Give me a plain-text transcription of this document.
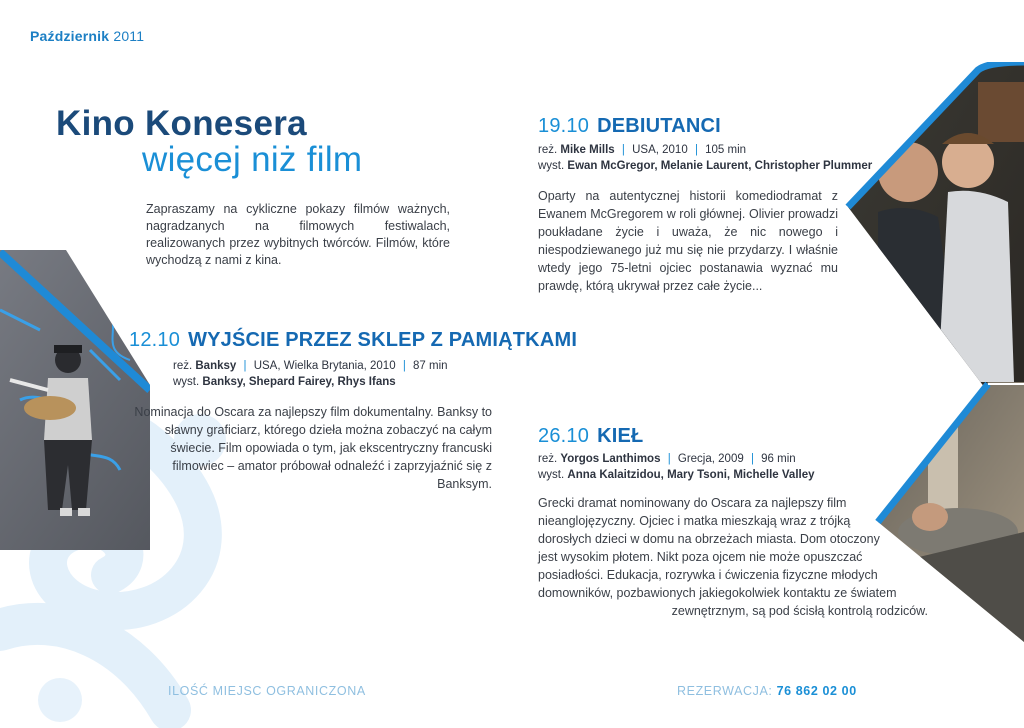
Październik 2011
Kino Konesera
więcej niż film
Zapraszamy na cykliczne pokazy filmów ważnych, nagradzanych na filmowych festiwalach, realizowanych przez wybitnych twórców. Filmów, które wychodzą z nami z kina.
12.10 WYJŚCIE PRZEZ SKLEP Z PAMIĄTKAMI
reż. Banksy | USA, Wielka Brytania, 2010 | 87 min
wyst. Banksy, Shepard Fairey, Rhys Ifans
Nominacja do Oscara za najlepszy film dokumentalny. Banksy to sławny graficiarz, którego dzieła można zobaczyć na całym świecie. Film opowiada o tym, jak ekscentryczny francuski filmowiec – amator próbował odnaleźć i zaprzyjaźnić się z Banksym.
19.10 DEBIUTANCI
reż. Mike Mills | USA, 2010 | 105 min
wyst. Ewan McGregor, Melanie Laurent, Christopher Plummer
Oparty na autentycznej historii komediodramat z Ewanem McGregorem w roli głównej. Olivier prowadzi poukładane życie i uważa, że nic nowego i niespodziewanego już mu się nie przydarzy. I właśnie wtedy jego 75-letni ojciec postanawia wyznać mu prawdę, którą ukrywał przez całe życie...
26.10 KIEŁ
reż. Yorgos Lanthimos | Grecja, 2009 | 96 min
wyst. Anna Kalaitzidou, Mary Tsoni, Michelle Valley
Grecki dramat nominowany do Oscara za najlepszy film
nieanglojęzyczny. Ojciec i matka mieszkają wraz z trójką
dorosłych dzieci w domu na obrzeżach miasta. Dom otoczony
jest wysokim płotem. Nikt poza ojcem nie może opuszczać
posiadłości. Edukacja, rozrywka i ćwiczenia fizyczne młodych
domowników, pozbawionych jakiegokolwiek kontaktu ze światem
zewnętrznym, są pod ścisłą kontrolą rodziców.
ILOŚĆ MIEJSC OGRANICZONA	REZERWACJA: 76 862 02 00
